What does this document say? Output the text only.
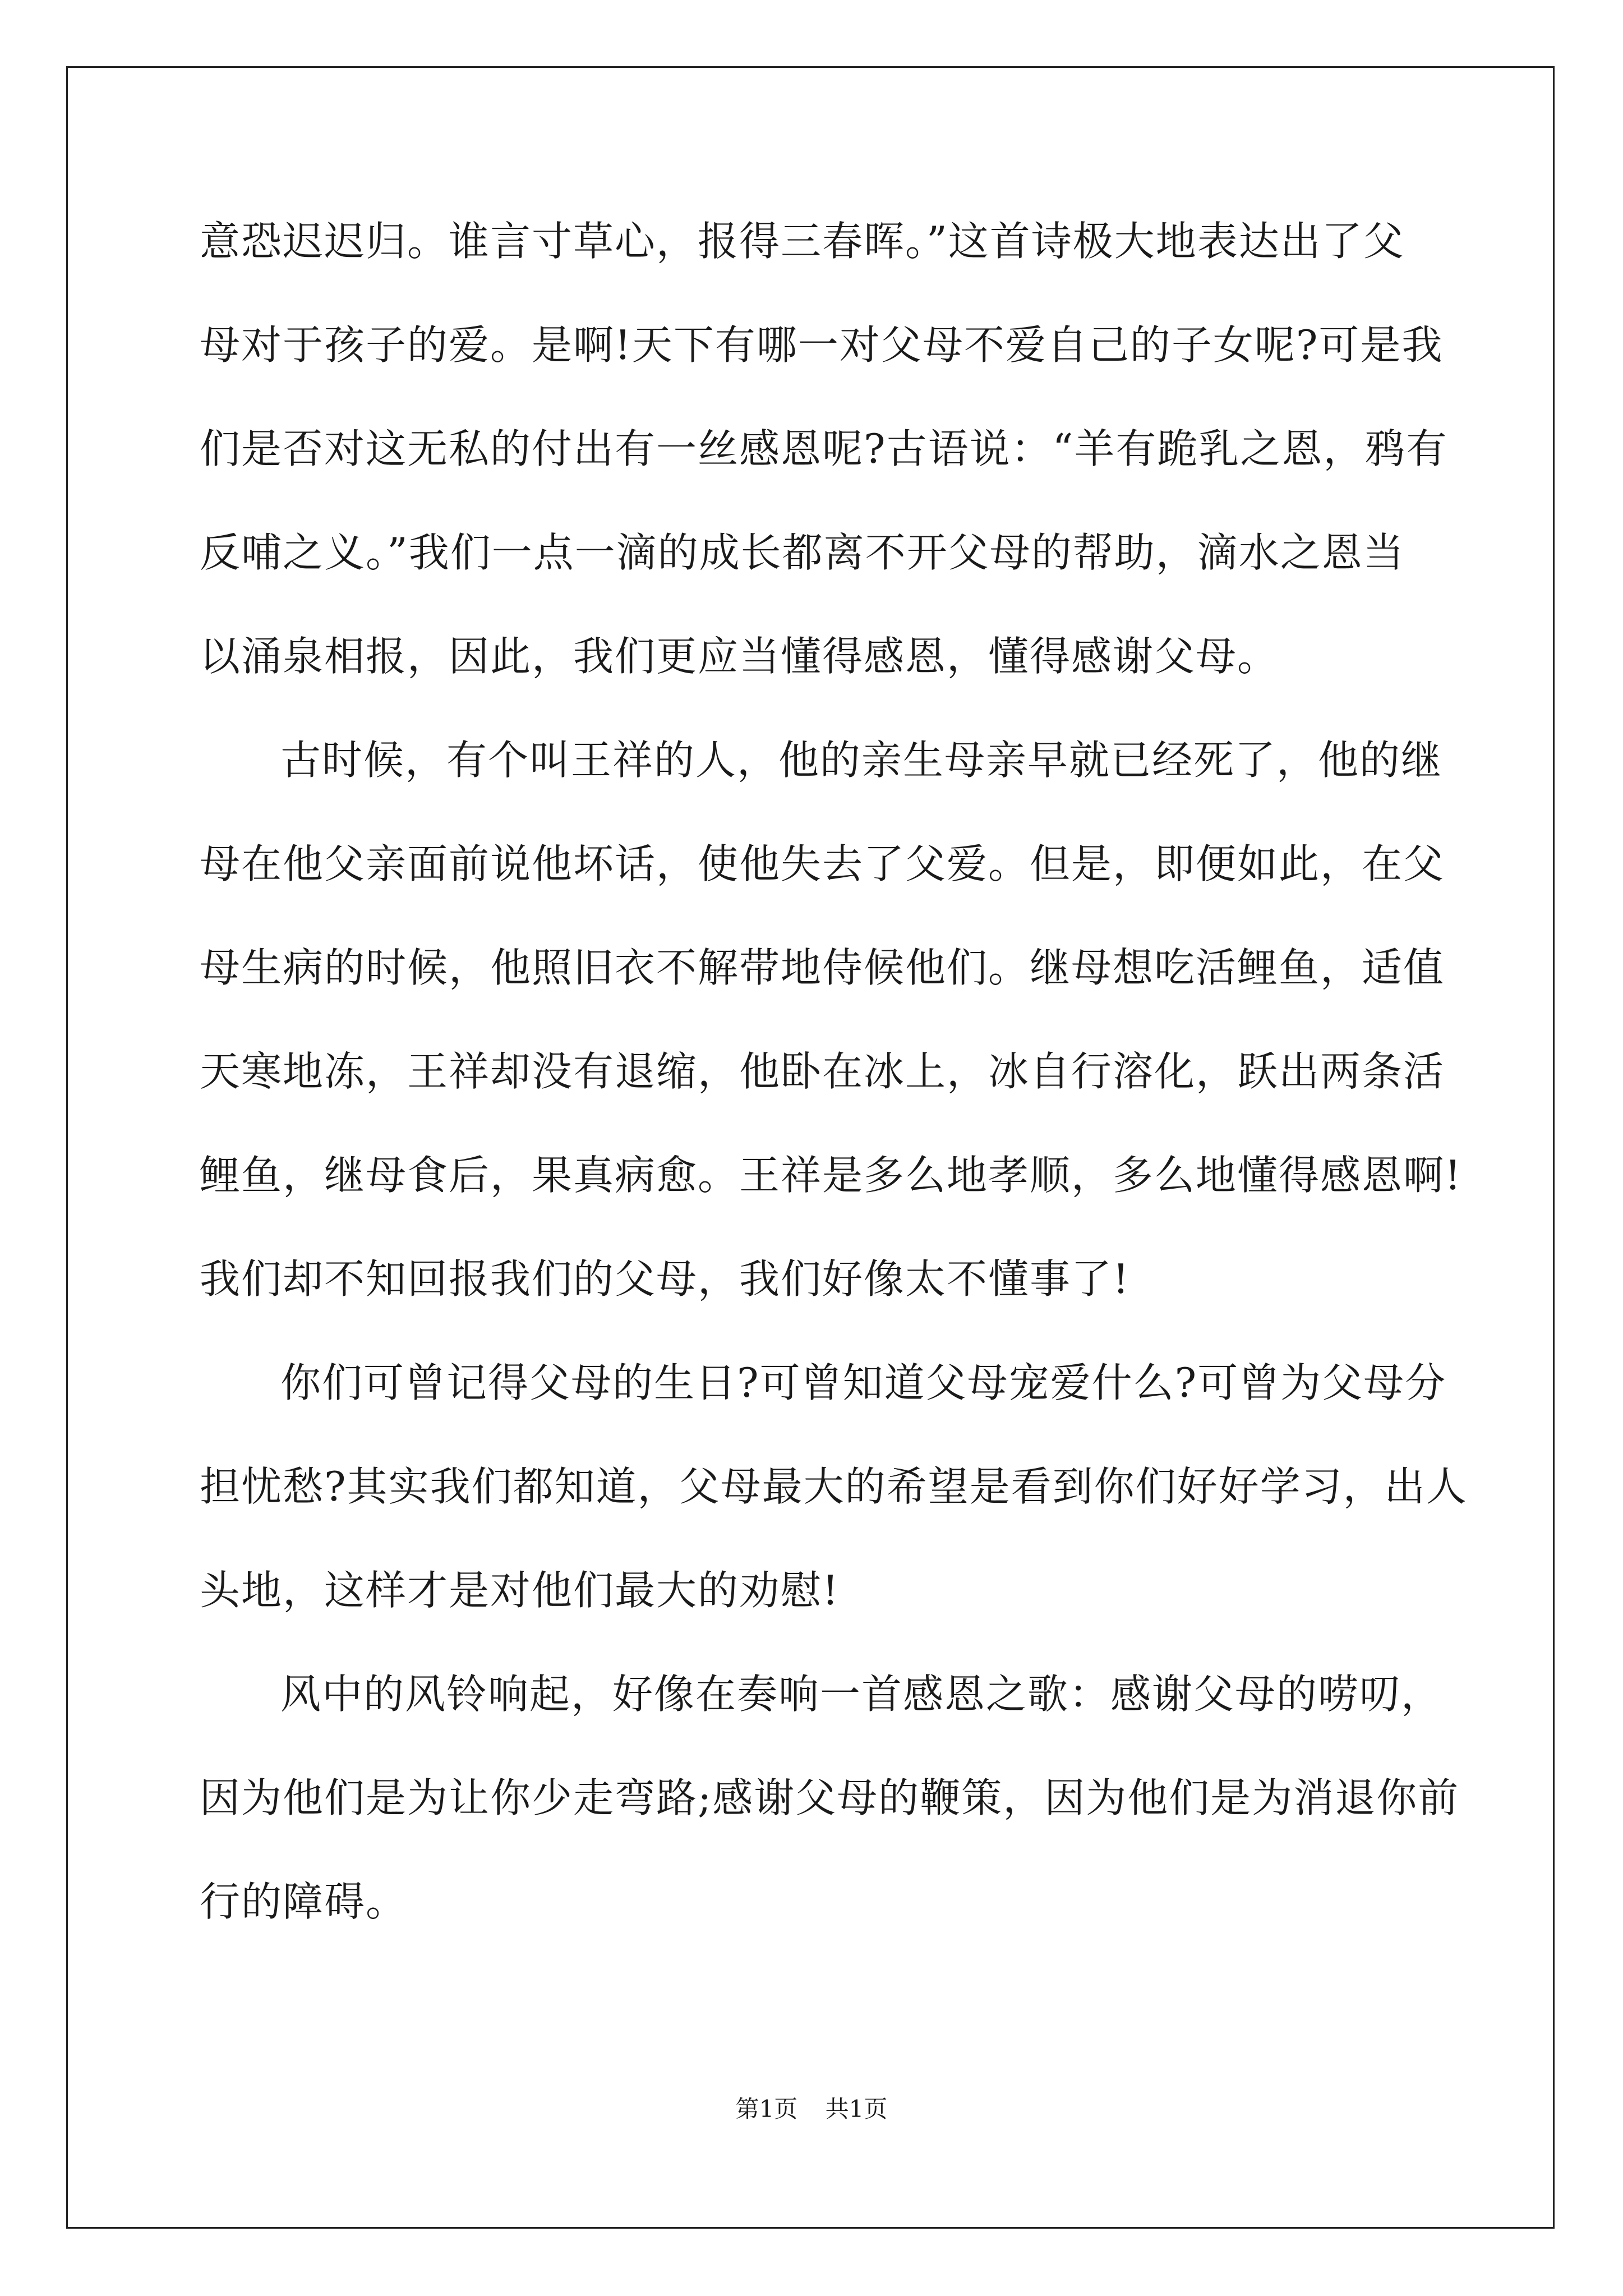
意恐迟迟归。谁言寸草心，报得三春晖。”这首诗极大地表达出了父
母对于孩子的爱。是啊!天下有哪一对父母不爱自己的子女呢?可是我
们是否对这无私的付出有一丝感恩呢?古语说：“羊有跪乳之恩，鸦有
反哺之义。”我们一点一滴的成长都离不开父母的帮助，滴水之恩当
以涌泉相报，因此，我们更应当懂得感恩，懂得感谢父母。
古时候，有个叫王祥的人，他的亲生母亲早就已经死了，他的继
母在他父亲面前说他坏话，使他失去了父爱。但是，即便如此，在父
母生病的时候，他照旧衣不解带地侍候他们。继母想吃活鲤鱼，适值
天寒地冻，王祥却没有退缩，他卧在冰上，冰自行溶化，跃出两条活
鲤鱼，继母食后，果真病愈。王祥是多么地孝顺，多么地懂得感恩啊!
我们却不知回报我们的父母，我们好像太不懂事了!
你们可曾记得父母的生日?可曾知道父母宠爱什么?可曾为父母分
担忧愁?其实我们都知道，父母最大的希望是看到你们好好学习，出人
头地，这样才是对他们最大的劝慰!
风中的风铃响起，好像在奏响一首感恩之歌：感谢父母的唠叨，
因为他们是为让你少走弯路;感谢父母的鞭策，因为他们是为消退你前
行的障碍。
第1页 共1页
